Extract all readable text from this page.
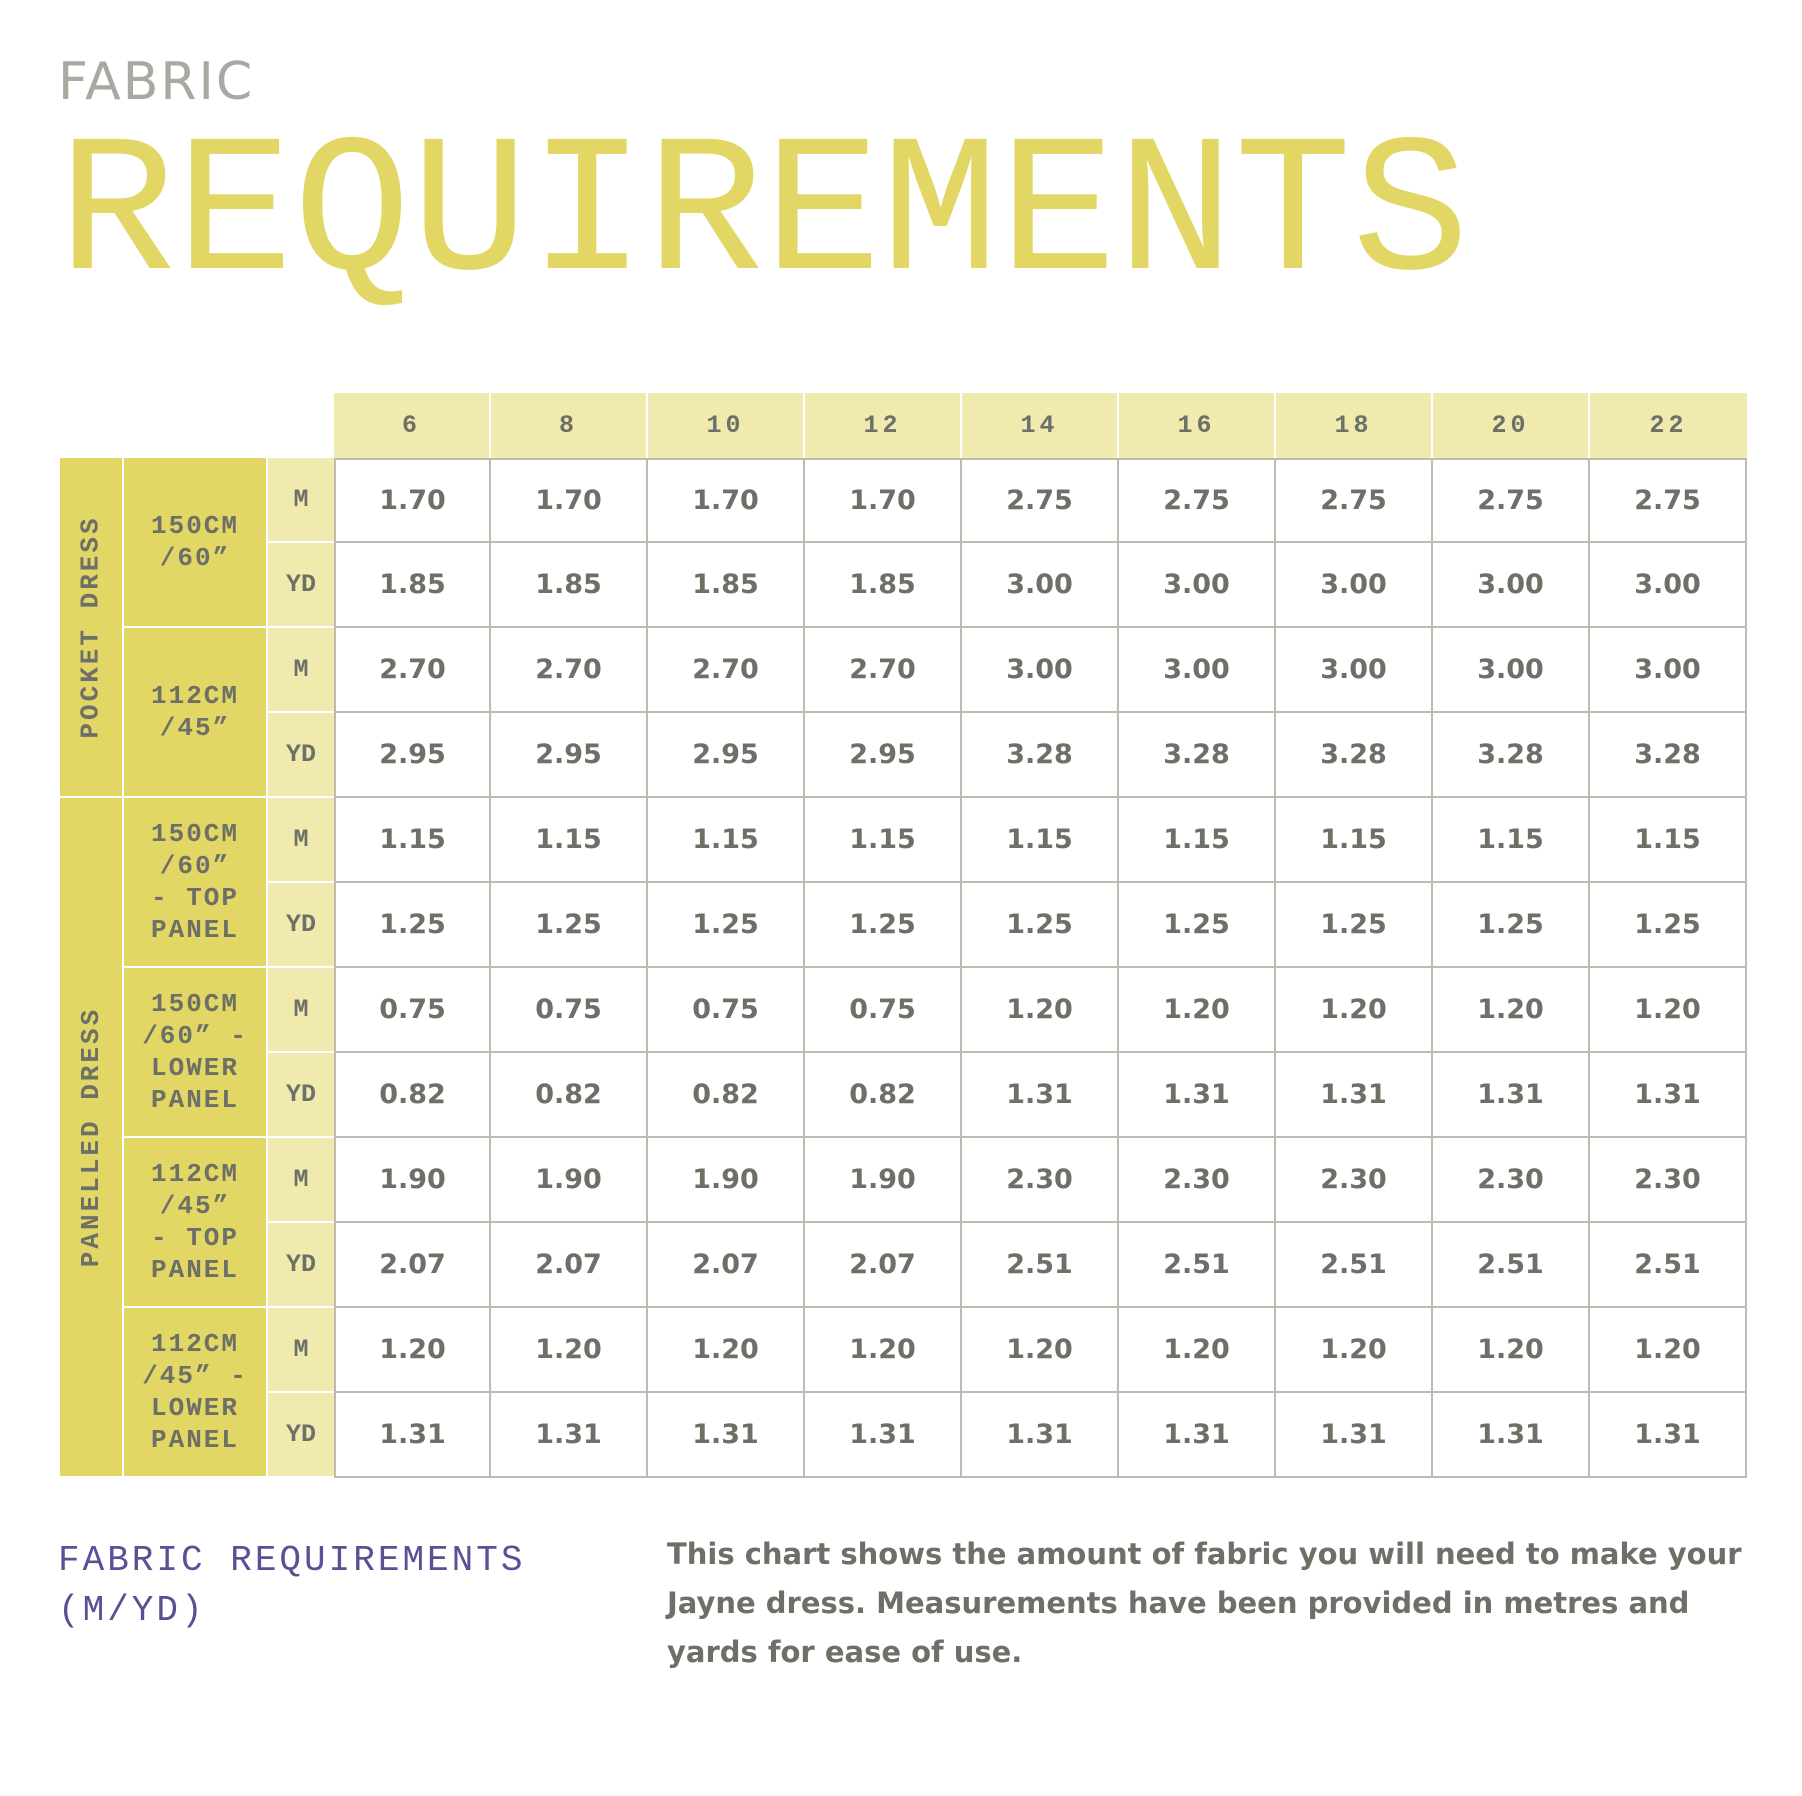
FABRIC
REQUIREMENTS
6	8	10	12	14	16	18	20	22
POCKET DRESS	150CM
/60”
M	1.70	1.70	1.70	1.70	2.75	2.75	2.75	2.75	2.75
YD	1.85	1.85	1.85	1.85	3.00	3.00	3.00	3.00	3.00
112CM
/45”
M	2.70	2.70	2.70	2.70	3.00	3.00	3.00	3.00	3.00
YD	2.95	2.95	2.95	2.95	3.28	3.28	3.28	3.28	3.28
PANELLED DRESS
150CM
/60”
- TOP
PANEL
M	1.15	1.15	1.15	1.15	1.15	1.15	1.15	1.15	1.15
YD	1.25	1.25	1.25	1.25	1.25	1.25	1.25	1.25	1.25
150CM
/60” -
LOWER
PANEL
M	0.75	0.75	0.75	0.75	1.20	1.20	1.20	1.20	1.20
YD	0.82	0.82	0.82	0.82	1.31	1.31	1.31	1.31	1.31
112CM
/45”
- TOP
PANEL
M	1.90	1.90	1.90	1.90	2.30	2.30	2.30	2.30	2.30
YD	2.07	2.07	2.07	2.07	2.51	2.51	2.51	2.51	2.51
112CM
/45” -
LOWER
PANEL
M	1.20	1.20	1.20	1.20	1.20	1.20	1.20	1.20	1.20
YD	1.31	1.31	1.31	1.31	1.31	1.31	1.31	1.31	1.31
FABRIC REQUIREMENTS
(M/YD)
This chart shows the amount of fabric you will need to make your Jayne dress. Measurements have been provided in metres and yards for ease of use.
